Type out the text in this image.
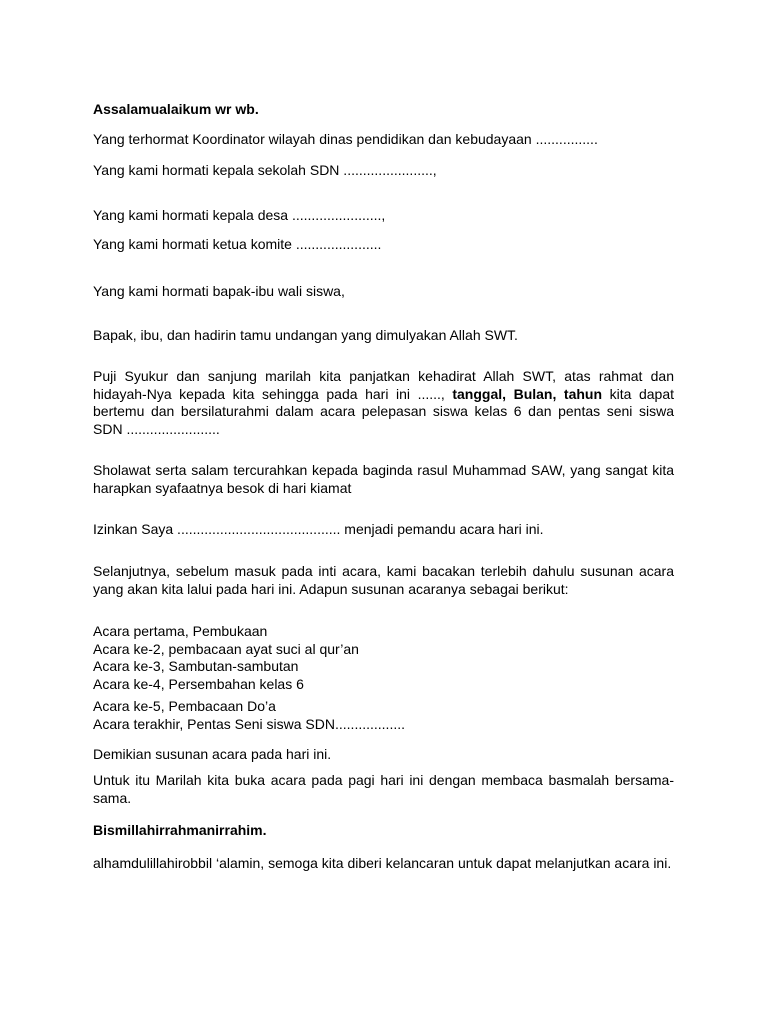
Assalamualaikum wr wb.

Yang terhormat Koordinator wilayah dinas pendidikan dan kebudayaan ................

Yang kami hormati kepala sekolah SDN .......................,

Yang kami hormati kepala desa .......................,

Yang kami hormati ketua komite ......................

Yang kami hormati bapak-ibu wali siswa,

Bapak, ibu, dan hadirin tamu undangan yang dimulyakan Allah SWT.

Puji Syukur dan sanjung marilah kita panjatkan kehadirat Allah SWT, atas rahmat dan hidayah-Nya kepada kita sehingga pada hari ini ......, tanggal, Bulan, tahun kita dapat bertemu dan bersilaturahmi dalam acara pelepasan siswa kelas 6 dan pentas seni siswa SDN ........................

Sholawat serta salam tercurahkan kepada baginda rasul Muhammad SAW, yang sangat kita harapkan syafaatnya besok di hari kiamat

Izinkan Saya .......................................... menjadi pemandu acara hari ini.

Selanjutnya, sebelum masuk pada inti acara, kami bacakan terlebih dahulu susunan acara yang akan kita lalui pada hari ini. Adapun susunan acaranya sebagai berikut:

Acara pertama, Pembukaan
Acara ke-2, pembacaan ayat suci al qur’an
Acara ke-3, Sambutan-sambutan
Acara ke-4, Persembahan kelas 6
Acara ke-5, Pembacaan Do’a
Acara terakhir, Pentas Seni siswa SDN..................

Demikian susunan acara pada hari ini.

Untuk itu Marilah kita buka acara pada pagi hari ini dengan membaca basmalah bersama-sama.

Bismillahirrahmanirrahim.

alhamdulillahirobbil ‘alamin, semoga kita diberi kelancaran untuk dapat melanjutkan acara ini.
